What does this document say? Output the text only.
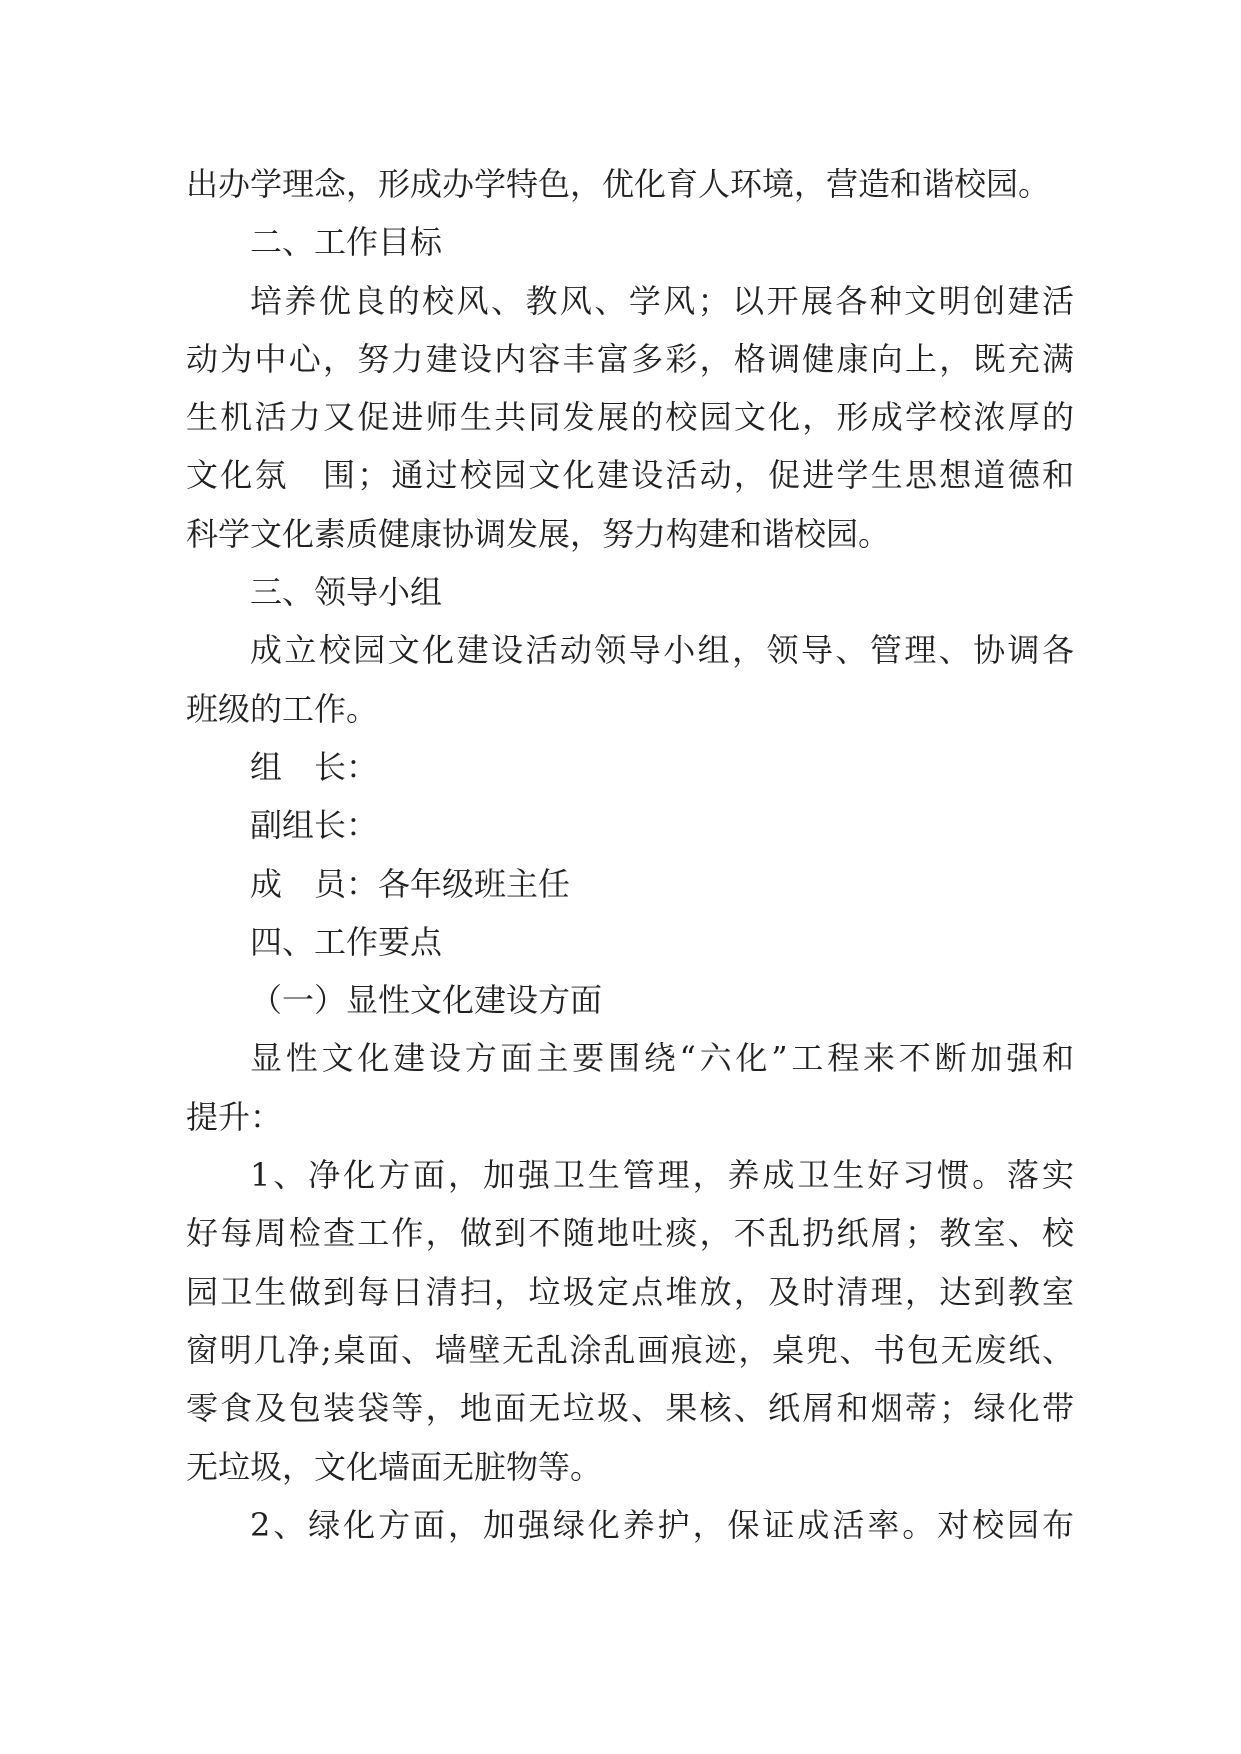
出办学理念，形成办学特色，优化育人环境，营造和谐校园。
二、工作目标
培养优良的校风、教风、学风；以开展各种文明创建活
动为中心，努力建设内容丰富多彩，格调健康向上，既充满
生机活力又促进师生共同发展的校园文化，形成学校浓厚的
文化氛　围；通过校园文化建设活动，促进学生思想道德和
科学文化素质健康协调发展，努力构建和谐校园。
三、领导小组
成立校园文化建设活动领导小组，领导、管理、协调各
班级的工作。
组　长：
副组长：
成　员：各年级班主任
四、工作要点
（一）显性文化建设方面
显性文化建设方面主要围绕“六化”工程来不断加强和
提升：
1、净化方面，加强卫生管理，养成卫生好习惯。落实
好每周检查工作，做到不随地吐痰，不乱扔纸屑；教室、校
园卫生做到每日清扫，垃圾定点堆放，及时清理，达到教室
窗明几净;桌面、墙壁无乱涂乱画痕迹，桌兜、书包无废纸、
零食及包装袋等，地面无垃圾、果核、纸屑和烟蒂；绿化带
无垃圾，文化墙面无脏物等。
2、绿化方面，加强绿化养护，保证成活率。对校园布
